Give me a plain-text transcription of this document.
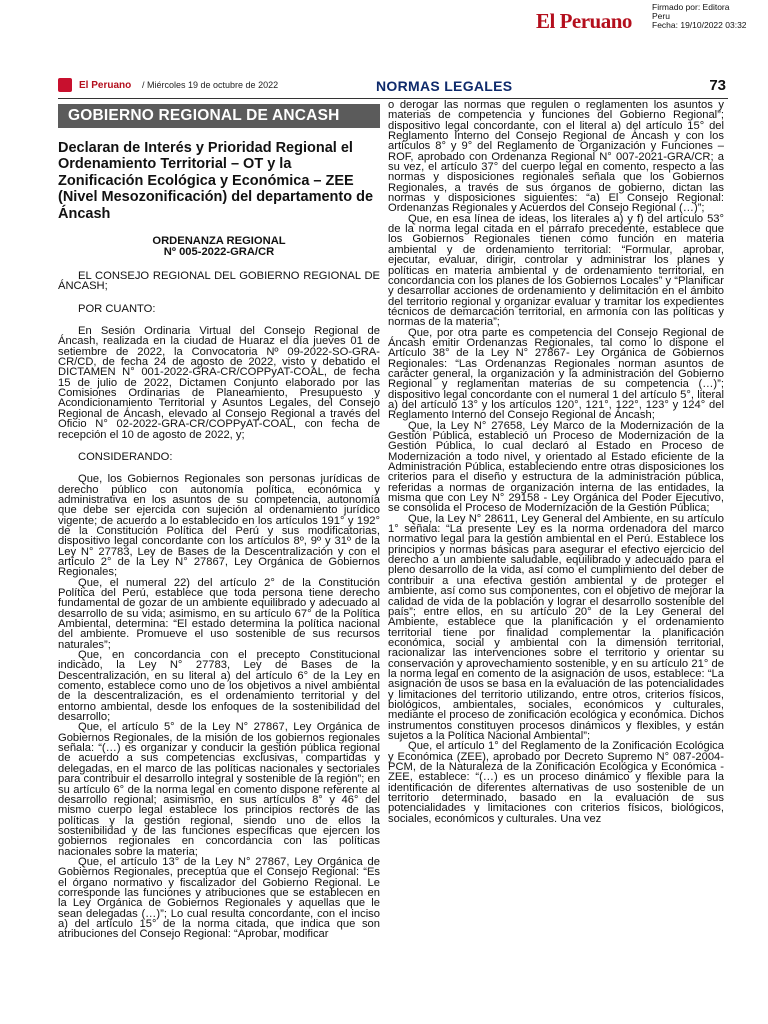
El Peruano
Firmado por: Editora
Peru
Fecha: 19/10/2022 03:32
El Peruano / Miércoles 19 de octubre de 2022	NORMAS LEGALES	73
GOBIERNO REGIONAL DE ANCASH
Declaran de Interés y Prioridad Regional el Ordenamiento Territorial – OT y la Zonificación Ecológica y Económica – ZEE (Nivel Mesozonificación) del departamento de Áncash
ORDENANZA REGIONAL
Nº 005-2022-GRA/CR
EL CONSEJO REGIONAL DEL GOBIERNO REGIONAL DE ÁNCASH;
POR CUANTO:
En Sesión Ordinaria Virtual del Consejo Regional de Áncash, realizada en la ciudad de Huaraz el día jueves 01 de setiembre de 2022, la Convocatoria Nº 09-2022-SO-GRA-CR/CD, de fecha 24 de agosto de 2022, visto y debatido el DICTAMEN N° 001-2022-GRA-CR/COPPyAT-COAL, de fecha 15 de julio de 2022, Dictamen Conjunto elaborado por las Comisiones Ordinarias de Planeamiento, Presupuesto y Acondicionamiento Territorial y Asuntos Legales, del Consejo Regional de Áncash, elevado al Consejo Regional a través del Oficio N° 02-2022-GRA-CR/COPPyAT-COAL, con fecha de recepción el 10 de agosto de 2022, y;
CONSIDERANDO:
Que, los Gobiernos Regionales son personas jurídicas de derecho público con autonomía política, económica y administrativa en los asuntos de su competencia, autonomía que debe ser ejercida con sujeción al ordenamiento jurídico vigente; de acuerdo a lo establecido en los artículos 191° y 192° de la Constitución Política del Perú y sus modificatorias, dispositivo legal concordante con los artículos 8º, 9º y 31º de la Ley N° 27783, Ley de Bases de la Descentralización y con el artículo 2° de la Ley N° 27867, Ley Orgánica de Gobiernos Regionales;
Que, el numeral 22) del artículo 2° de la Constitución Política del Perú, establece que toda persona tiene derecho fundamental de gozar de un ambiente equilibrado y adecuado al desarrollo de su vida; asimismo, en su artículo 67° de la Política Ambiental, determina: “El estado determina la política nacional del ambiente. Promueve el uso sostenible de sus recursos naturales”;
Que, en concordancia con el precepto Constitucional indicado, la Ley N° 27783, Ley de Bases de la Descentralización, en su literal a) del artículo 6° de la Ley en comento, establece como uno de los objetivos a nivel ambiental de la descentralización, es el ordenamiento territorial y del entorno ambiental, desde los enfoques de la sostenibilidad del desarrollo;
Que, el artículo 5° de la Ley N° 27867, Ley Orgánica de Gobiernos Regionales, de la misión de los gobiernos regionales señala: “(…) es organizar y conducir la gestión pública regional de acuerdo a sus competencias exclusivas, compartidas y delegadas, en el marco de las políticas nacionales y sectoriales para contribuir el desarrollo integral y sostenible de la región”; en su artículo 6° de la norma legal en comento dispone referente al desarrollo regional; asimismo, en sus artículos 8° y 46° del mismo cuerpo legal establece los principios rectores de las políticas y la gestión regional, siendo uno de ellos la sostenibilidad y de las funciones específicas que ejercen los gobiernos regionales en concordancia con las políticas nacionales sobre la materia;
Que, el artículo 13° de la Ley N° 27867, Ley Orgánica de Gobiernos Regionales, preceptúa que el Consejo Regional: “Es el órgano normativo y fiscalizador del Gobierno Regional. Le corresponde las funciones y atribuciones que se establecen en la Ley Orgánica de Gobiernos Regionales y aquellas que le sean delegadas (…)”; Lo cual resulta concordante, con el inciso a) del artículo 15° de la norma citada, que indica que son atribuciones del Consejo Regional: “Aprobar, modificar
o derogar las normas que regulen o reglamenten los asuntos y materias de competencia y funciones del Gobierno Regional”; dispositivo legal concordante, con el literal a) del artículo 15° del Reglamento Interno del Consejo Regional de Áncash y con los artículos 8° y 9° del Reglamento de Organización y Funciones – ROF, aprobado con Ordenanza Regional N° 007-2021-GRA/CR; a su vez, el artículo 37° del cuerpo legal en comento, respecto a las normas y disposiciones regionales señala que los Gobiernos Regionales, a través de sus órganos de gobierno, dictan las normas y disposiciones siguientes: “a) El Consejo Regional: Ordenanzas Regionales y Acuerdos del Consejo Regional (…)”;
Que, en esa línea de ideas, los literales a) y f) del artículo 53° de la norma legal citada en el párrafo precedente, establece que los Gobiernos Regionales tienen como función en materia ambiental y de ordenamiento territorial: “Formular, aprobar, ejecutar, evaluar, dirigir, controlar y administrar los planes y políticas en materia ambiental y de ordenamiento territorial, en concordancia con los planes de los Gobiernos Locales” y “Planificar y desarrollar acciones de ordenamiento y delimitación en el ámbito del territorio regional y organizar evaluar y tramitar los expedientes técnicos de demarcación territorial, en armonía con las políticas y normas de la materia”;
Que, por otra parte es competencia del Consejo Regional de Áncash emitir Ordenanzas Regionales, tal como lo dispone el Artículo 38° de la Ley N° 27867- Ley Orgánica de Gobiernos Regionales: “Las Ordenanzas Regionales norman asuntos de carácter general, la organización y la administración del Gobierno Regional y reglamentan materias de su competencia (…)”; dispositivo legal concordante con el numeral 1 del artículo 5°, literal a) del artículo 13° y los artículos 120°, 121°, 122°, 123° y 124° del Reglamento Interno del Consejo Regional de Áncash;
Que, la Ley N° 27658, Ley Marco de la Modernización de la Gestión Pública, estableció un Proceso de Modernización de la Gestión Pública, lo cual declaró al Estado en Proceso de Modernización a todo nivel, y orientado al Estado eficiente de la Administración Pública, estableciendo entre otras disposiciones los criterios para el diseño y estructura de la administración pública, referidas a normas de organización interna de las entidades, la misma que con Ley N° 29158 - Ley Orgánica del Poder Ejecutivo, se consolida el Proceso de Modernización de la Gestión Pública;
Que, la Ley N° 28611, Ley General del Ambiente, en su artículo 1° señala: “La presente Ley es la norma ordenadora del marco normativo legal para la gestión ambiental en el Perú. Establece los principios y normas básicas para asegurar el efectivo ejercicio del derecho a un ambiente saludable, equilibrado y adecuado para el pleno desarrollo de la vida, así como el cumplimiento del deber de contribuir a una efectiva gestión ambiental y de proteger el ambiente, así como sus componentes, con el objetivo de mejorar la calidad de vida de la población y lograr el desarrollo sostenible del país”; entre ellos, en su artículo 20° de la Ley General del Ambiente, establece que la planificación y el ordenamiento territorial tiene por finalidad complementar la planificación económica, social y ambiental con la dimensión territorial, racionalizar las intervenciones sobre el territorio y orientar su conservación y aprovechamiento sostenible, y en su artículo 21° de la norma legal en comento de la asignación de usos, establece: “La asignación de usos se basa en la evaluación de las potencialidades y limitaciones del territorio utilizando, entre otros, criterios físicos, biológicos, ambientales, sociales, económicos y culturales, mediante el proceso de zonificación ecológica y económica. Dichos instrumentos constituyen procesos dinámicos y flexibles, y están sujetos a la Política Nacional Ambiental”;
Que, el artículo 1° del Reglamento de la Zonificación Ecológica y Económica (ZEE), aprobado por Decreto Supremo N° 087-2004-PCM, de la Naturaleza de la Zonificación Ecológica y Económica - ZEE, establece: “(…) es un proceso dinámico y flexible para la identificación de diferentes alternativas de uso sostenible de un territorio determinado, basado en la evaluación de sus potencialidades y limitaciones con criterios físicos, biológicos, sociales, económicos y culturales. Una vez
